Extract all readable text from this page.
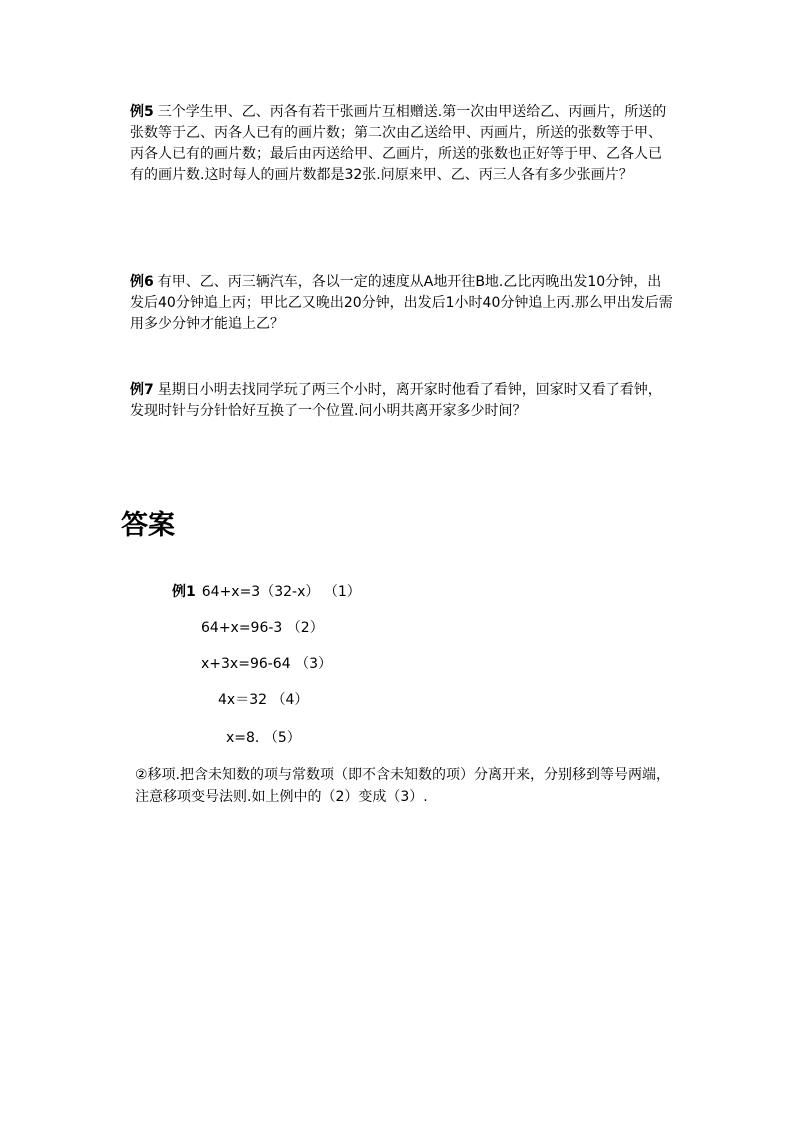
例5 三个学生甲、乙、丙各有若干张画片互相赠送.第一次由甲送给乙、丙画片，所送的张数等于乙、丙各人已有的画片数；第二次由乙送给甲、丙画片，所送的张数等于甲、丙各人已有的画片数；最后由丙送给甲、乙画片，所送的张数也正好等于甲、乙各人已有的画片数.这时每人的画片数都是32张.问原来甲、乙、丙三人各有多少张画片？

例6 有甲、乙、丙三辆汽车，各以一定的速度从A地开往B地.乙比丙晚出发10分钟，出发后40分钟追上丙；甲比乙又晚出20分钟，出发后1小时40分钟追上丙.那么甲出发后需用多少分钟才能追上乙？

例7 星期日小明去找同学玩了两三个小时，离开家时他看了看钟，回家时又看了看钟，发现时针与分针恰好互换了一个位置.问小明共离开家多少时间？

答案
例1 64+x=3（32-x） （1）
64+x=96-3 （2）
x+3x=96-64 （3）
4x＝32 （4）
x=8. （5）

②移项.把含未知数的项与常数项（即不含未知数的项）分离开来，分别移到等号两端，注意移项变号法则.如上例中的（2）变成（3）.
